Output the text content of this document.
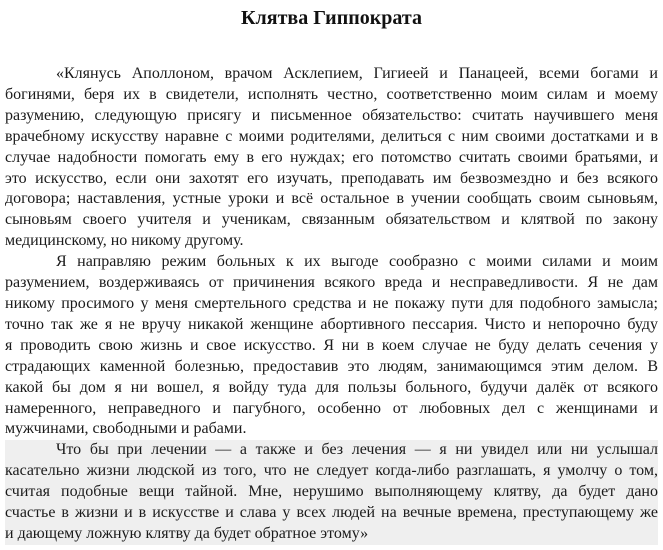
Клятва Гиппократа

«Клянусь Аполлоном, врачом Асклепием, Гигиеей и Панацеей, всеми богами и
богинями, беря их в свидетели, исполнять честно, соответственно моим силам и моему
разумению, следующую присягу и письменное обязательство: считать научившего меня
врачебному искусству наравне с моими родителями, делиться с ним своими достатками и в
случае надобности помогать ему в его нуждах; его потомство считать своими братьями, и
это искусство, если они захотят его изучать, преподавать им безвозмездно и без всякого
договора; наставления, устные уроки и всё остальное в учении сообщать своим сыновьям,
сыновьям своего учителя и ученикам, связанным обязательством и клятвой по закону
медицинскому, но никому другому.

Я направляю режим больных к их выгоде сообразно с моими силами и моим
разумением, воздерживаясь от причинения всякого вреда и несправедливости. Я не дам
никому просимого у меня смертельного средства и не покажу пути для подобного замысла;
точно так же я не вручу никакой женщине абортивного пессария. Чисто и непорочно буду
я проводить свою жизнь и свое искусство. Я ни в коем случае не буду делать сечения у
страдающих каменной болезнью, предоставив это людям, занимающимся этим делом. В
какой бы дом я ни вошел, я войду туда для пользы больного, будучи далёк от всякого
намеренного, неправедного и пагубного, особенно от любовных дел с женщинами и
мужчинами, свободными и рабами.

Что бы при лечении — а также и без лечения — я ни увидел или ни услышал
касательно жизни людской из того, что не следует когда-либо разглашать, я умолчу о том,
считая подобные вещи тайной. Мне, нерушимо выполняющему клятву, да будет дано
счастье в жизни и в искусстве и слава у всех людей на вечные времена, преступающему же
и дающему ложную клятву да будет обратное этому»
